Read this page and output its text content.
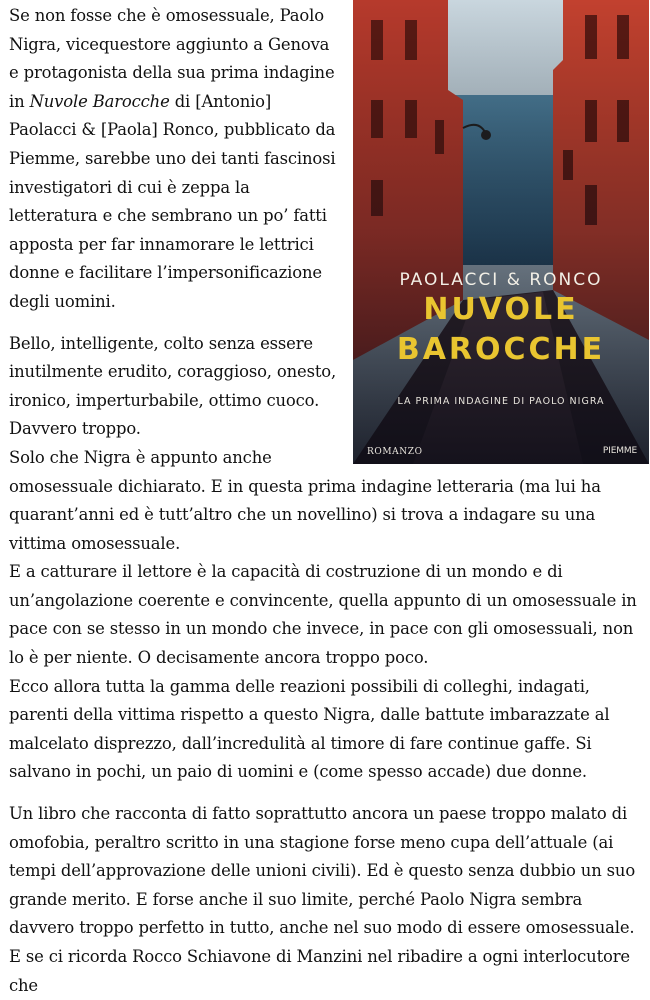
PAOLACCI & RONCO
NUVOLE
BAROCCHE
LA PRIMA INDAGINE DI PAOLO NIGRA
ROMANZO	PIEMME

Se non fosse che è omosessuale, Paolo Nigra, vicequestore aggiunto a Genova e protagonista della sua prima indagine in Nuvole Barocche di [Antonio] Paolacci & [Paola] Ronco, pubblicato da Piemme, sarebbe uno dei tanti fascinosi investigatori di cui è zeppa la letteratura e che sembrano un po’ fatti apposta per far innamorare le lettrici donne e facilitare l’impersonificazione degli uomini.

Bello, intelligente, colto senza essere inutilmente erudito, coraggioso, onesto, ironico, imperturbabile, ottimo cuoco. Davvero troppo.
Solo che Nigra è appunto anche omosessuale dichiarato. E in questa prima indagine letteraria (ma lui ha quarant’anni ed è tutt’altro che un novellino) si trova a indagare su una vittima omosessuale.
E a catturare il lettore è la capacità di costruzione di un mondo e di un’angolazione coerente e convincente, quella appunto di un omosessuale in pace con se stesso in un mondo che invece, in pace con gli omosessuali, non lo è per niente. O decisamente ancora troppo poco.
Ecco allora tutta la gamma delle reazioni possibili di colleghi, indagati, parenti della vittima rispetto a questo Nigra, dalle battute imbarazzate al malcelato disprezzo, dall’incredulità al timore di fare continue gaffe. Si salvano in pochi, un paio di uomini e (come spesso accade) due donne.

Un libro che racconta di fatto soprattutto ancora un paese troppo malato di omofobia, peraltro scritto in una stagione forse meno cupa dell’attuale (ai tempi dell’approvazione delle unioni civili). Ed è questo senza dubbio un suo grande merito. E forse anche il suo limite, perché Paolo Nigra sembra davvero troppo perfetto in tutto, anche nel suo modo di essere omosessuale.
E se ci ricorda Rocco Schiavone di Manzini nel ribadire a ogni interlocutore che
